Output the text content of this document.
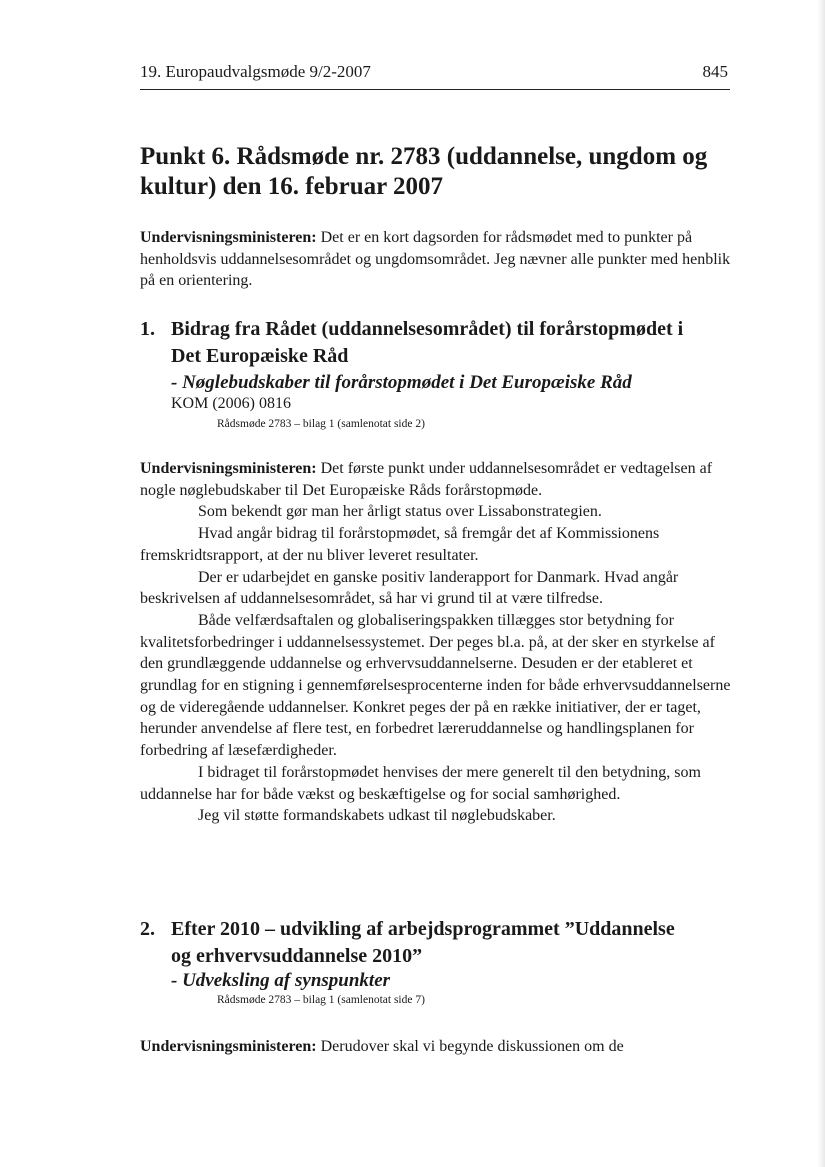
19. Europaudvalgsmøde 9/2-2007	845
Punkt 6. Rådsmøde nr. 2783 (uddannelse, ungdom og kultur) den 16. februar 2007

Undervisningsministeren: Det er en kort dagsorden for rådsmødet med to punkter på henholdsvis uddannelsesområdet og ungdomsområdet. Jeg nævner alle punkter med henblik på en orientering.

1. Bidrag fra Rådet (uddannelsesområdet) til forårstopmødet i
Det Europæiske Råd
- Nøglebudskaber til forårstopmødet i Det Europæiske Råd
KOM (2006) 0816
Rådsmøde 2783 – bilag 1 (samlenotat side 2)

Undervisningsministeren: Det første punkt under uddannelsesområdet er vedtagelsen af nogle nøglebudskaber til Det Europæiske Råds forårstopmøde.

Som bekendt gør man her årligt status over Lissabonstrategien.

Hvad angår bidrag til forårstopmødet, så fremgår det af Kommissionens fremskridtsrapport, at der nu bliver leveret resultater.

Der er udarbejdet en ganske positiv landerapport for Danmark. Hvad angår beskrivelsen af uddannelsesområdet, så har vi grund til at være tilfredse.

Både velfærdsaftalen og globaliseringspakken tillægges stor betydning for kvalitetsforbedringer i uddannelsessystemet. Der peges bl.a. på, at der sker en styrkelse af den grundlæggende uddannelse og erhvervsuddannelserne. Desuden er der etableret et grundlag for en stigning i gennemførelsesprocenterne inden for både erhvervsuddannelserne og de videregående uddannelser. Konkret peges der på en række initiativer, der er taget, herunder anvendelse af flere test, en forbedret læreruddannelse og handlingsplanen for forbedring af læsefærdigheder.

I bidraget til forårstopmødet henvises der mere generelt til den betydning, som uddannelse har for både vækst og beskæftigelse og for social samhørighed.

Jeg vil støtte formandskabets udkast til nøglebudskaber.

2. Efter 2010 – udvikling af arbejdsprogrammet ”Uddannelse
og erhvervsuddannelse 2010”
- Udveksling af synspunkter
Rådsmøde 2783 – bilag 1 (samlenotat side 7)

Undervisningsministeren: Derudover skal vi begynde diskussionen om de
